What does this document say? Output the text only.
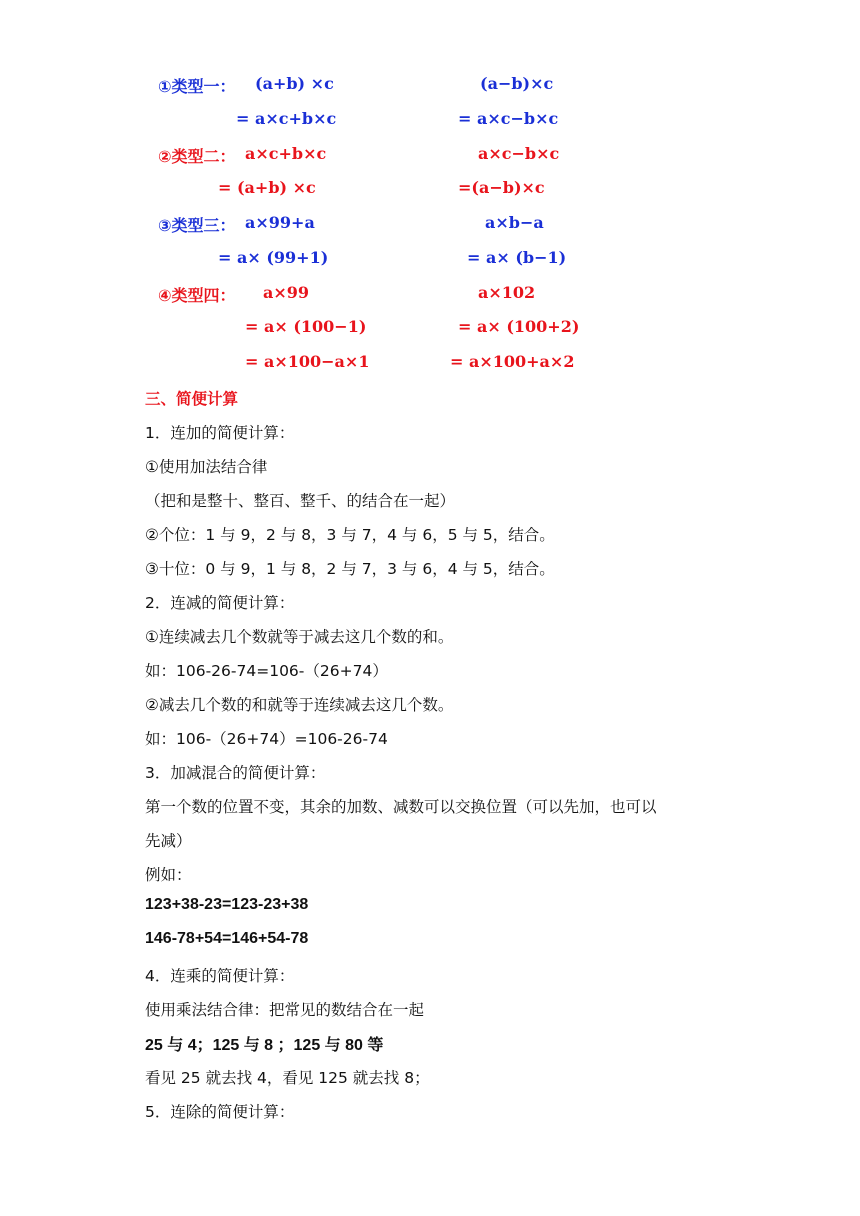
①类型一： (a+b) ×c	(a−b)×c
= a×c+b×c	= a×c−b×c
②类型二： a×c+b×c	a×c−b×c
= (a+b) ×c	=(a−b)×c
③类型三： a×99+a	a×b−a
= a× (99+1)	= a× (b−1)
④类型四： a×99	a×102
= a× (100−1)	= a× (100+2)
= a×100−a×1	= a×100+a×2
三、简便计算
1．连加的简便计算：
①使用加法结合律
（把和是整十、整百、整千、的结合在一起）
②个位：1 与 9，2 与 8，3 与 7，4 与 6，5 与 5，结合。
③十位：0 与 9，1 与 8，2 与 7，3 与 6，4 与 5，结合。
2．连减的简便计算：
①连续减去几个数就等于减去这几个数的和。
如：106-26-74=106-（26+74）
②减去几个数的和就等于连续减去这几个数。
如：106-（26+74）=106-26-74
3．加减混合的简便计算：
第一个数的位置不变，其余的加数、减数可以交换位置（可以先加，也可以
先减）
例如：
123+38-23=123-23+38
146-78+54=146+54-78
4．连乘的简便计算：
使用乘法结合律：把常见的数结合在一起
25 与 4；125 与 8 ；125 与 80 等
看见 25 就去找 4，看见 125 就去找 8；
5．连除的简便计算：
